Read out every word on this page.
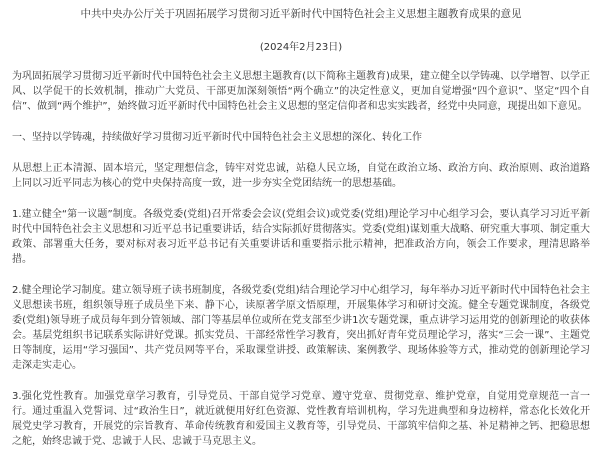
中共中央办公厅关于巩固拓展学习贯彻习近平新时代中国特色社会主义思想主题教育成果的意见
(2024年2月23日)

为巩固拓展学习贯彻习近平新时代中国特色社会主义思想主题教育(以下简称主题教育)成果，建立健全以学铸魂、以学增智、以学正风、以学促干的长效机制，推动广大党员、干部更加深刻领悟“两个确立”的决定性意义，更加自觉增强“四个意识”、坚定“四个自信”、做到“两个维护”，始终做习近平新时代中国特色社会主义思想的坚定信仰者和忠实实践者，经党中央同意，现提出如下意见。

一、坚持以学铸魂，持续做好学习贯彻习近平新时代中国特色社会主义思想的深化、转化工作

从思想上正本清源、固本培元，坚定理想信念，铸牢对党忠诚，站稳人民立场，自觉在政治立场、政治方向、政治原则、政治道路上同以习近平同志为核心的党中央保持高度一致，进一步夯实全党团结统一的思想基础。

1.建立健全“第一议题”制度。各级党委(党组)召开常委会会议(党组会议)或党委(党组)理论学习中心组学习会，要认真学习习近平新时代中国特色社会主义思想和习近平总书记重要讲话，结合实际抓好贯彻落实。党委(党组)谋划重大战略、研究重大事项、制定重大政策、部署重大任务，要对标对表习近平总书记有关重要讲话和重要指示批示精神，把准政治方向，领会工作要求，理清思路举措。

2.健全理论学习制度。建立领导班子读书班制度，各级党委(党组)结合理论学习中心组学习，每年举办习近平新时代中国特色社会主义思想读书班，组织领导班子成员坐下来、静下心，读原著学原文悟原理，开展集体学习和研讨交流。健全专题党课制度，各级党委(党组)领导班子成员每年到分管领域、部门等基层单位或所在党支部至少讲1次专题党课，重点讲学习运用党的创新理论的收获体会。基层党组织书记联系实际讲好党课。抓实党员、干部经常性学习教育，突出抓好青年党员理论学习，落实“三会一课”、主题党日等制度，运用“学习强国”、共产党员网等平台，采取课堂讲授、政策解读、案例教学、现场体验等方式，推动党的创新理论学习走深走实走心。

3.强化党性教育。加强党章学习教育，引导党员、干部自觉学习党章、遵守党章、贯彻党章、维护党章，自觉用党章规范一言一行。通过重温入党誓词、过“政治生日”，就近就便用好红色资源、党性教育培训机构，学习先进典型和身边榜样，常态化长效化开展党史学习教育，开展党的宗旨教育、革命传统教育和爱国主义教育等，引导党员、干部筑牢信仰之基、补足精神之钙、把稳思想之舵，始终忠诚于党、忠诚于人民、忠诚于马克思主义。
